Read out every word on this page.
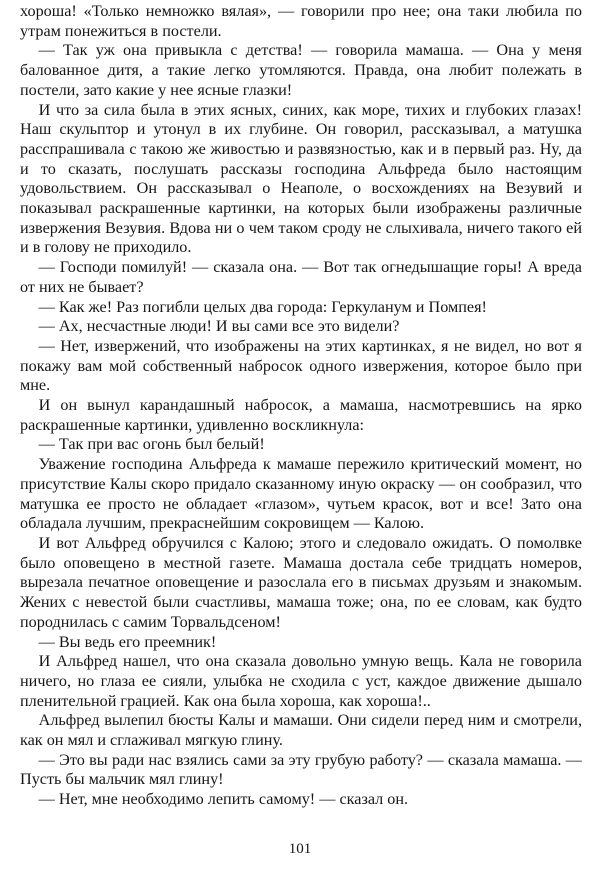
хороша! «Только немножко вялая», — говорили про нее; она таки любила по утрам понежиться в постели.

— Так уж она привыкла с детства! — говорила мамаша. — Она у меня балованное дитя, а такие легко утомляются. Правда, она любит полежать в постели, зато какие у нее ясные глазки!

И что за сила была в этих ясных, синих, как море, тихих и глубоких глазах! Наш скульптор и утонул в их глубине. Он говорил, рассказывал, а матушка расспрашивала с такою же живостью и развязностью, как и в первый раз. Ну, да и то сказать, послушать рассказы господина Альфреда было настоящим удовольствием. Он рассказывал о Неаполе, о восхождениях на Везувий и показывал раскрашенные картинки, на которых были изображены различные извержения Везувия. Вдова ни о чем таком сроду не слыхивала, ничего такого ей и в голову не приходило.

— Господи помилуй! — сказала она. — Вот так огнедышащие горы! А вреда от них не бывает?

— Как же! Раз погибли целых два города: Геркуланум и Помпея!

— Ах, несчастные люди! И вы сами все это видели?

— Нет, извержений, что изображены на этих картинках, я не видел, но вот я покажу вам мой собственный набросок одного извержения, которое было при мне.

И он вынул карандашный набросок, а мамаша, насмотревшись на ярко раскрашенные картинки, удивленно воскликнула:

— Так при вас огонь был белый!

Уважение господина Альфреда к мамаше пережило критический момент, но присутствие Калы скоро придало сказанному иную окраску — он сообразил, что матушка ее просто не обладает «глазом», чутьем красок, вот и все! Зато она обладала лучшим, прекраснейшим сокровищем — Калою.

И вот Альфред обручился с Калою; этого и следовало ожидать. О помолвке было оповещено в местной газете. Мамаша достала себе тридцать номеров, вырезала печатное оповещение и разослала его в письмах друзьям и знакомым. Жених с невестой были счастливы, мамаша тоже; она, по ее словам, как будто породнилась с самим Торвальдсеном!

— Вы ведь его преемник!

И Альфред нашел, что она сказала довольно умную вещь. Кала не говорила ничего, но глаза ее сияли, улыбка не сходила с уст, каждое движение дышало пленительной грацией. Как она была хороша, как хороша!..

Альфред вылепил бюсты Калы и мамаши. Они сидели перед ним и смотрели, как он мял и сглаживал мягкую глину.

— Это вы ради нас взялись сами за эту грубую работу? — сказала мамаша. — Пусть бы мальчик мял глину!

— Нет, мне необходимо лепить самому! — сказал он.

101
